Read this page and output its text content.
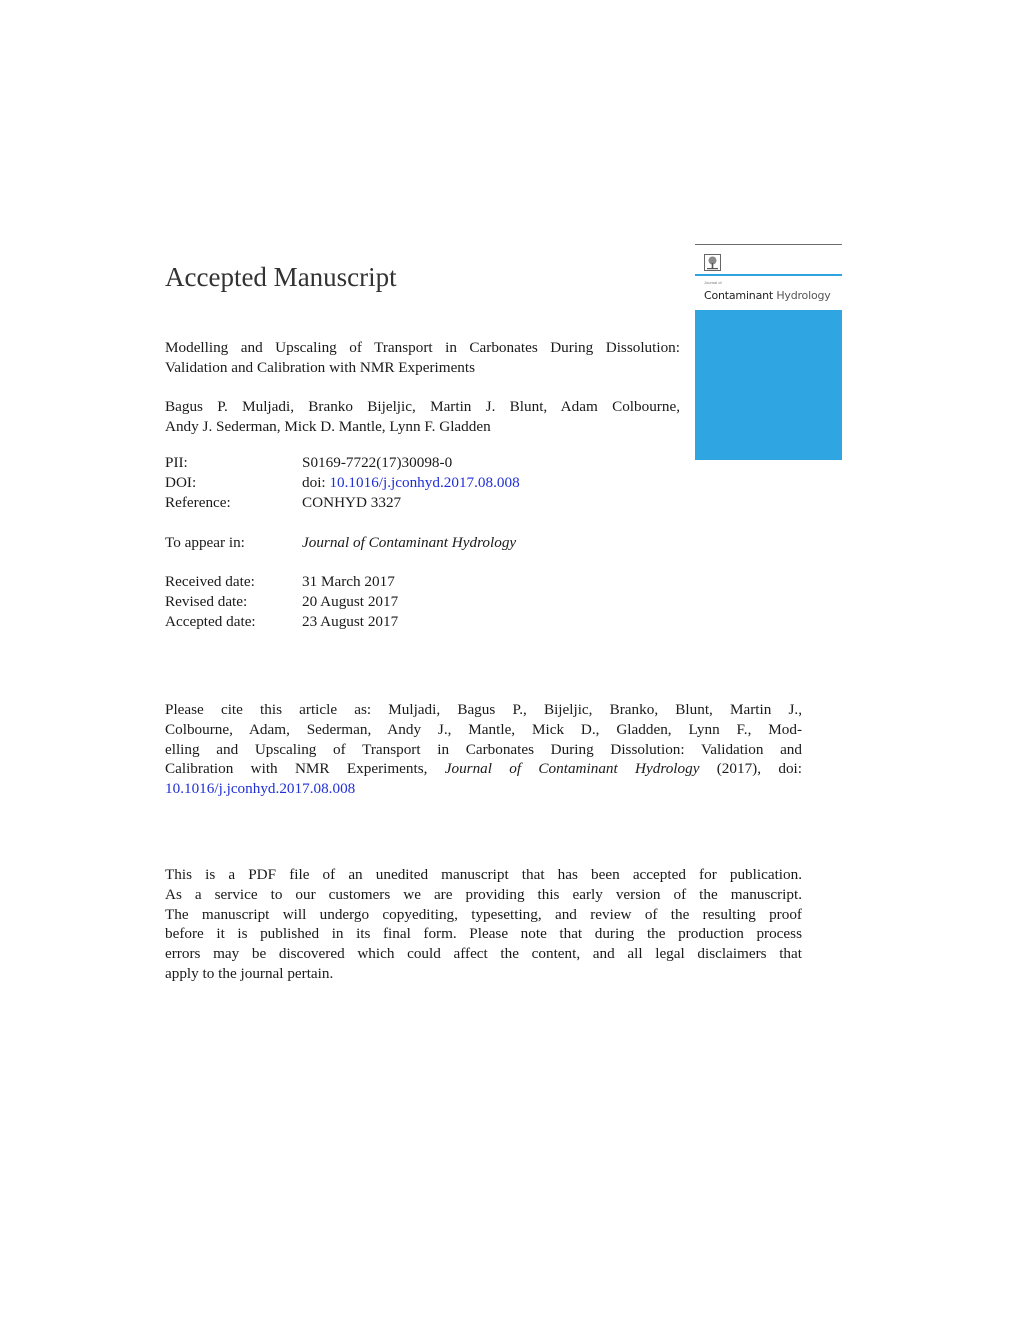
Accepted Manuscript
Modelling and Upscaling of Transport in Carbonates During Dissolution:
Validation and Calibration with NMR Experiments
Bagus P. Muljadi, Branko Bijeljic, Martin J. Blunt, Adam Colbourne,
Andy J. Sederman, Mick D. Mantle, Lynn F. Gladden
PII:	S0169-7722(17)30098-0
DOI:	doi: 10.1016/j.jconhyd.2017.08.008
Reference:	CONHYD 3327
To appear in:	Journal of Contaminant Hydrology
Received date:	31 March 2017
Revised date:	20 August 2017
Accepted date:	23 August 2017
Please cite this article as: Muljadi, Bagus P., Bijeljic, Branko, Blunt, Martin J.,
Colbourne, Adam, Sederman, Andy J., Mantle, Mick D., Gladden, Lynn F., Mod-
elling and Upscaling of Transport in Carbonates During Dissolution: Validation and
Calibration with NMR Experiments, Journal of Contaminant Hydrology (2017), doi:
10.1016/j.jconhyd.2017.08.008
This is a PDF file of an unedited manuscript that has been accepted for publication.
As a service to our customers we are providing this early version of the manuscript.
The manuscript will undergo copyediting, typesetting, and review of the resulting proof
before it is published in its final form. Please note that during the production process
errors may be discovered which could affect the content, and all legal disclaimers that
apply to the journal pertain.
Journal of
Contaminant Hydrology
